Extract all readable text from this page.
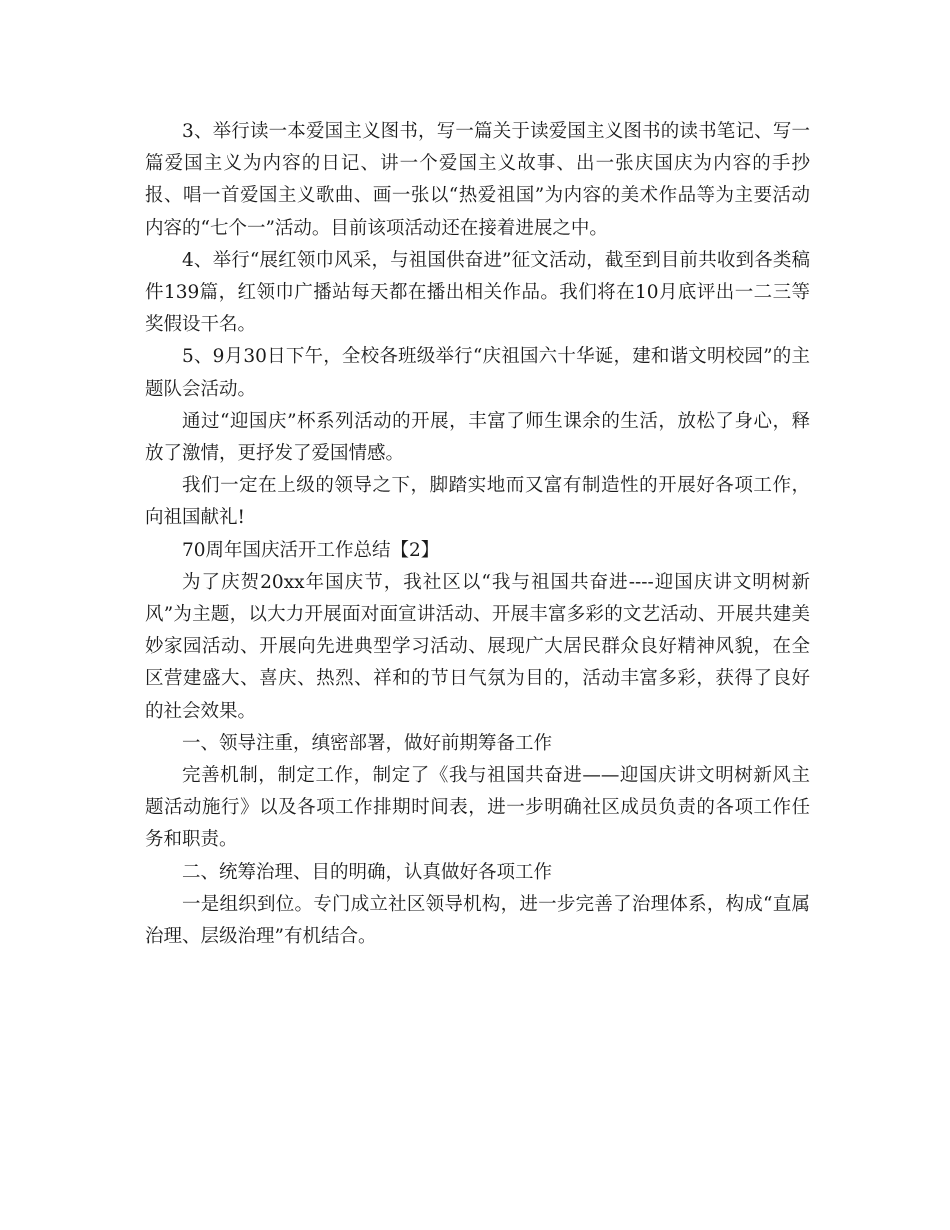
3、举行读一本爱国主义图书，写一篇关于读爱国主义图书的读书笔记、写一篇爱国主义为内容的日记、讲一个爱国主义故事、出一张庆国庆为内容的手抄报、唱一首爱国主义歌曲、画一张以“热爱祖国”为内容的美术作品等为主要活动内容的“七个一”活动。目前该项活动还在接着进展之中。

4、举行“展红领巾风采，与祖国供奋进”征文活动，截至到目前共收到各类稿件139篇，红领巾广播站每天都在播出相关作品。我们将在10月底评出一二三等奖假设干名。

5、9月30日下午，全校各班级举行“庆祖国六十华诞，建和谐文明校园”的主题队会活动。

通过“迎国庆”杯系列活动的开展，丰富了师生课余的生活，放松了身心，释放了激情，更抒发了爱国情感。

我们一定在上级的领导之下，脚踏实地而又富有制造性的开展好各项工作，向祖国献礼!

70周年国庆活开工作总结【2】

为了庆贺20xx年国庆节，我社区以“我与祖国共奋进----迎国庆讲文明树新风”为主题，以大力开展面对面宣讲活动、开展丰富多彩的文艺活动、开展共建美妙家园活动、开展向先进典型学习活动、展现广大居民群众良好精神风貌，在全区营建盛大、喜庆、热烈、祥和的节日气氛为目的，活动丰富多彩，获得了良好的社会效果。

一、领导注重，缜密部署，做好前期筹备工作

完善机制，制定工作，制定了《我与祖国共奋进——迎国庆讲文明树新风主题活动施行》以及各项工作排期时间表，进一步明确社区成员负责的各项工作任务和职责。

二、统筹治理、目的明确，认真做好各项工作

一是组织到位。专门成立社区领导机构，进一步完善了治理体系，构成“直属治理、层级治理”有机结合。
